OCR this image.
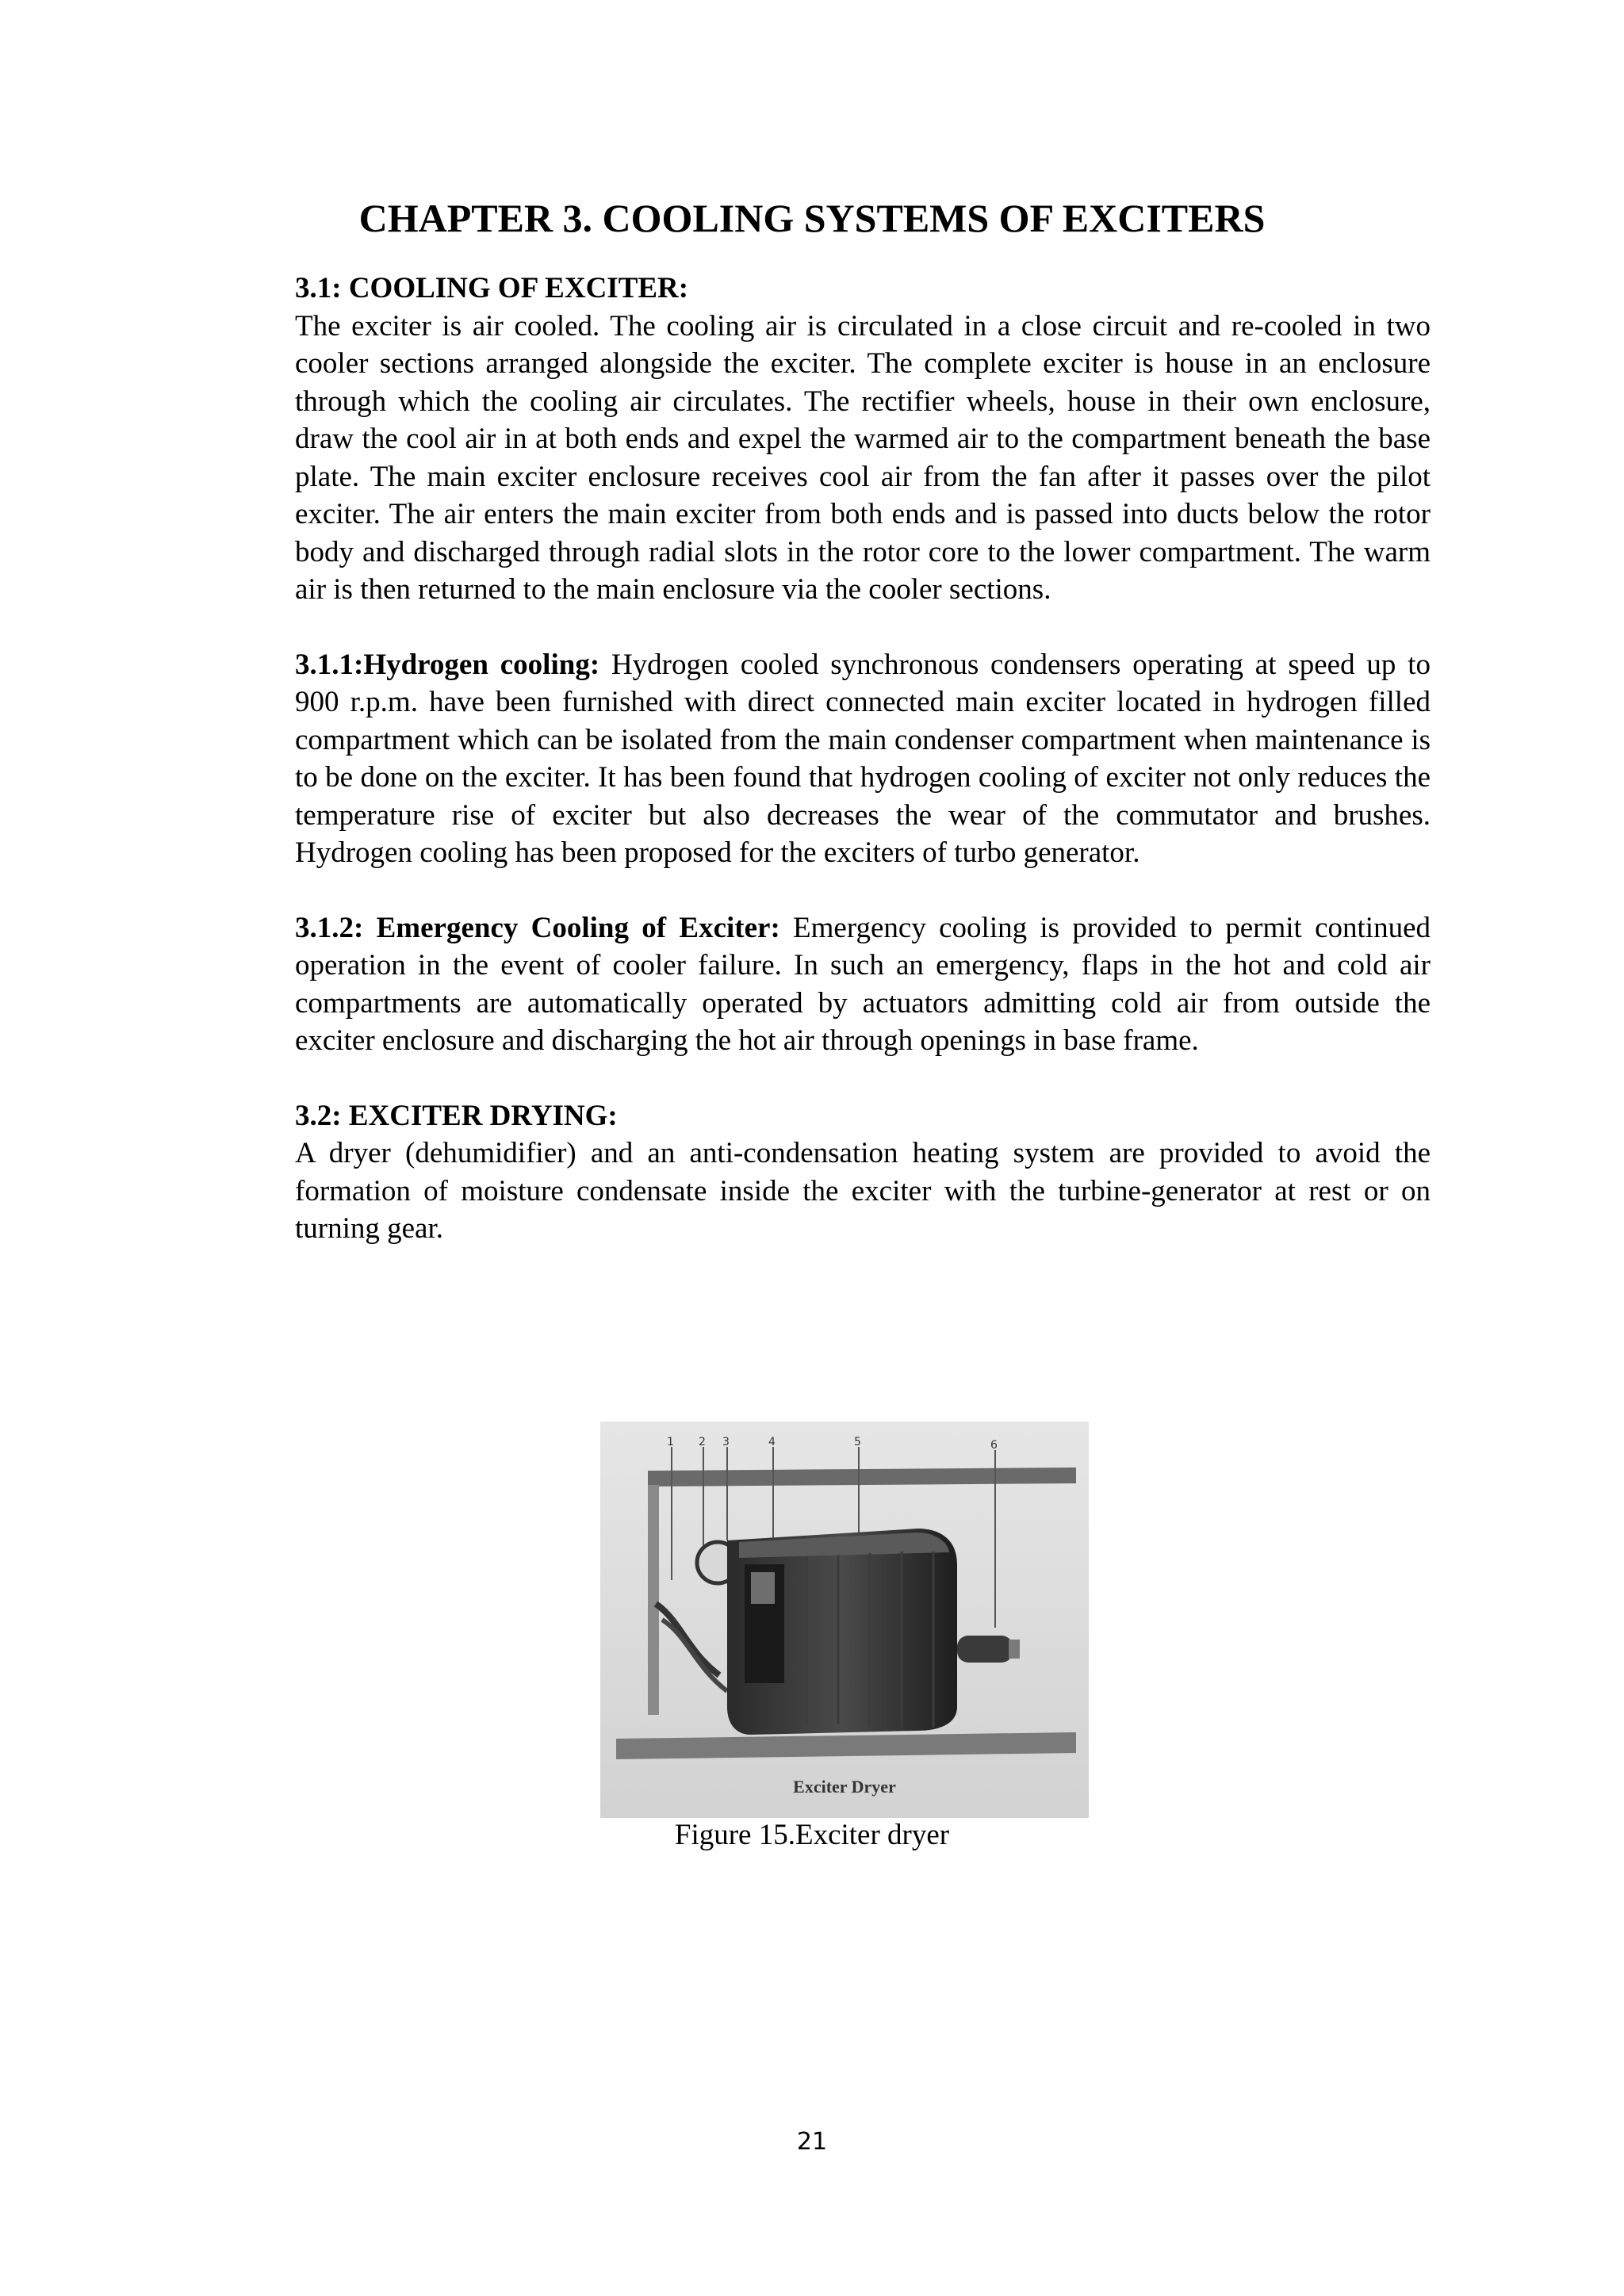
CHAPTER 3. COOLING SYSTEMS OF EXCITERS

3.1: COOLING OF EXCITER:

The exciter is air cooled. The cooling air is circulated in a close circuit and re-cooled in two cooler sections arranged alongside the exciter. The complete exciter is house in an enclosure through which the cooling air circulates. The rectifier wheels, house in their own enclosure, draw the cool air in at both ends and expel the warmed air to the compartment beneath the base plate. The main exciter enclosure receives cool air from the fan after it passes over the pilot exciter. The air enters the main exciter from both ends and is passed into ducts below the rotor body and discharged through radial slots in the rotor core to the lower compartment. The warm air is then returned to the main enclosure via the cooler sections.

3.1.1:Hydrogen cooling: Hydrogen cooled synchronous condensers operating at speed up to 900 r.p.m. have been furnished with direct connected main exciter located in hydrogen filled compartment which can be isolated from the main condenser compartment when maintenance is to be done on the exciter. It has been found that hydrogen cooling of exciter not only reduces the temperature rise of exciter but also decreases the wear of the commutator and brushes. Hydrogen cooling has been proposed for the exciters of turbo generator.

3.1.2: Emergency Cooling of Exciter: Emergency cooling is provided to permit continued operation in the event of cooler failure. In such an emergency, flaps in the hot and cold air compartments are automatically operated by actuators admitting cold air from outside the exciter enclosure and discharging the hot air through openings in base frame.

3.2: EXCITER DRYING:

A dryer (dehumidifier) and an anti-condensation heating system are provided to avoid the formation of moisture condensate inside the exciter with the turbine-generator at rest or on turning gear.

1 2 3	4	5	6
Exciter Dryer
Figure 15.Exciter dryer
21
